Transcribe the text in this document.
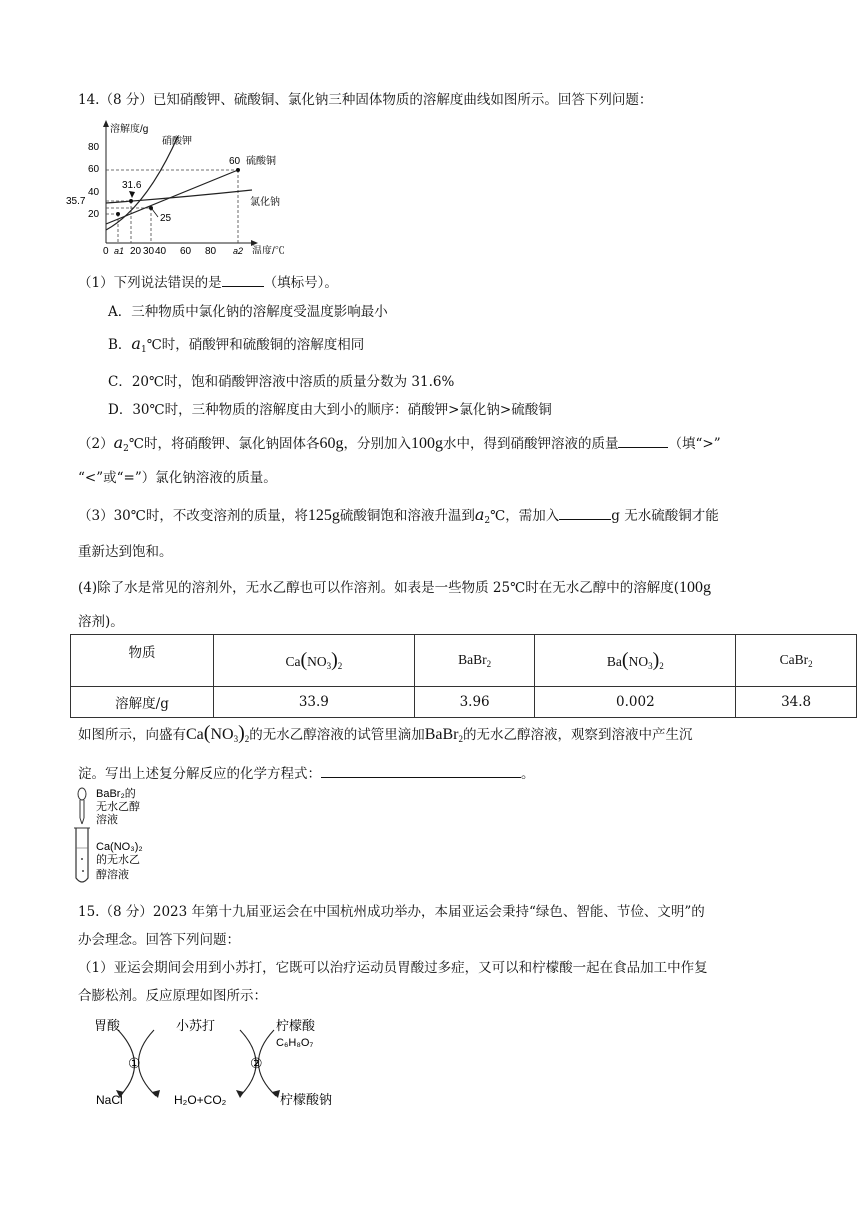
14.（8 分）已知硝酸钾、硫酸铜、氯化钠三种固体物质的溶解度曲线如图所示。回答下列问题：
溶解度/g
80
60
40
20
35.7
0 a1 20 30 40 60 80 a2 温度/℃
60
31.6
25
硝酸钾
硫酸铜
氯化钠
（1）下列说法错误的是	（填标号）。
A．三种物质中氯化钠的溶解度受温度影响最小
B．$a_1℃$时，硝酸钾和硫酸铜的溶解度相同
C．20℃时，饱和硝酸钾溶液中溶质的质量分数为 31.6%
D．30℃时，三种物质的溶解度由大到小的顺序：硝酸钾>氯化钠>硫酸铜
$(2)a_2℃$时，将硝酸钾、氯化钠固体各60g，分别加入100g水中，得到硝酸钾溶液的质量	（填“>”
“<”或“=”）氯化钠溶液的质量。
（3）30℃时，不改变溶剂的质量，将125g硫酸铜饱和溶液升温到$a_2℃$，需加入	g 无水硫酸铜才能
重新达到饱和。
(4)除了水是常见的溶剂外，无水乙醇也可以作溶剂。如表是一些物质 25℃时在无水乙醇中的溶解度(100g
溶剂)。
物质	$Ca(NO_3)_2$	BaBr$_2$	$Ba(NO_3)_2$	CaBr$_2$
溶解度/g	33.9	3.96	0.002	34.8
如图所示，向盛有$Ca(NO_3)_2$的无水乙醇溶液的试管里滴加BaBr$_2$的无水乙醇溶液，观察到溶液中产生沉
淀。写出上述复分解反应的化学方程式：	。
BaBr₂的
无水乙醇
溶液
Ca(NO₃)₂
的无水乙
醇溶液
15.（8 分）2023 年第十九届亚运会在中国杭州成功举办，本届亚运会秉持“绿色、智能、节俭、文明”的
办会理念。回答下列问题：
（1）亚运会期间会用到小苏打，它既可以治疗运动员胃酸过多症，又可以和柠檬酸一起在食品加工中作复
合膨松剂。反应原理如图所示：
胃酸	小苏打	柠檬酸
C₆H₈O₇
①	②
NaCl	H₂O+CO₂	柠檬酸钠
